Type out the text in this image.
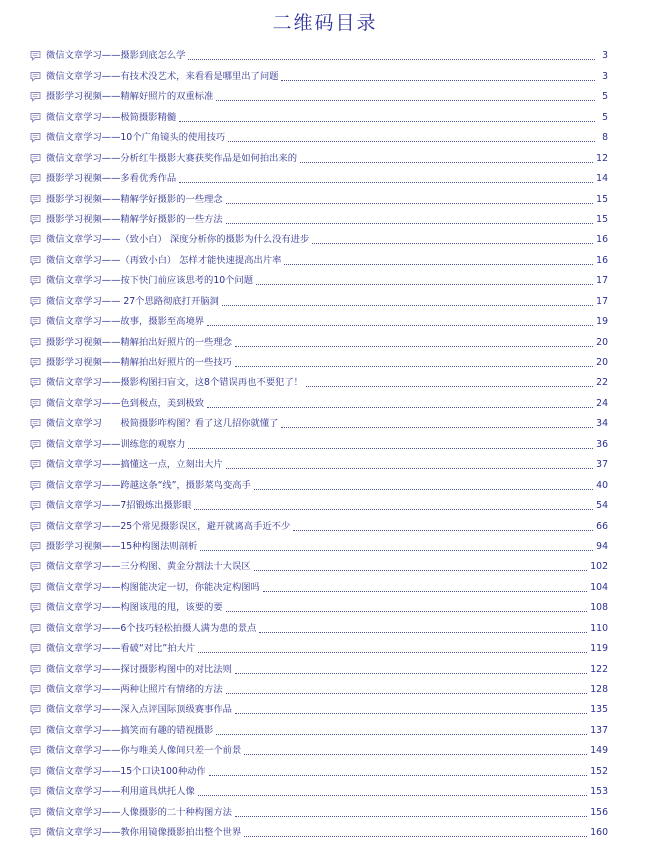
二维码目录
微信文章学习——摄影到底怎么学	3
微信文章学习——有技术没艺术，来看看是哪里出了问题	3
摄影学习视频——精解好照片的双重标准	5
微信文章学习——极简摄影精髓	5
微信文章学习——10个广角镜头的使用技巧	8
微信文章学习——分析红牛摄影大赛获奖作品是如何拍出来的	12
摄影学习视频——多看优秀作品	14
摄影学习视频——精解学好摄影的一些理念	15
摄影学习视频——精解学好摄影的一些方法	15
微信文章学习——（致小白） 深度分析你的摄影为什么没有进步	16
微信文章学习——（再致小白） 怎样才能快速提高出片率	16
微信文章学习——按下快门前应该思考的10个问题	17
微信文章学习—— 27个思路彻底打开脑洞	17
微信文章学习——故事，摄影至高境界	19
摄影学习视频——精解拍出好照片的一些理念	20
摄影学习视频——精解拍出好照片的一些技巧	20
微信文章学习——摄影构图扫盲文，这8个错误再也不要犯了！	22
微信文章学习——色到极点，美到极致	24
微信文章学习　　极简摄影咋构图？看了这几招你就懂了	34
微信文章学习——训练您的观察力	36
微信文章学习——搞懂这一点，立刻出大片	37
微信文章学习——跨越这条“线”，摄影菜鸟变高手	40
微信文章学习——7招锻炼出摄影眼	54
微信文章学习——25个常见摄影误区，避开就离高手近不少	66
摄影学习视频——15种构图法则剖析	94
微信文章学习——三分构图、黄金分割法十大误区	102
微信文章学习——构图能决定一切，你能决定构图吗	104
微信文章学习——构图该甩的甩，该要的要	108
微信文章学习——6个技巧轻松拍摄人满为患的景点	110
微信文章学习——看破“对比”拍大片	119
微信文章学习——探讨摄影构图中的对比法则	122
微信文章学习——两种让照片有情绪的方法	128
微信文章学习——深入点评国际顶级赛事作品	135
微信文章学习——搞笑而有趣的错视摄影	137
微信文章学习——你与唯美人像间只差一个前景	149
微信文章学习——15个口诀100种动作	152
微信文章学习——利用道具烘托人像	153
微信文章学习——人像摄影的二十种构图方法	156
微信文章学习——教你用镜像摄影拍出整个世界	160
